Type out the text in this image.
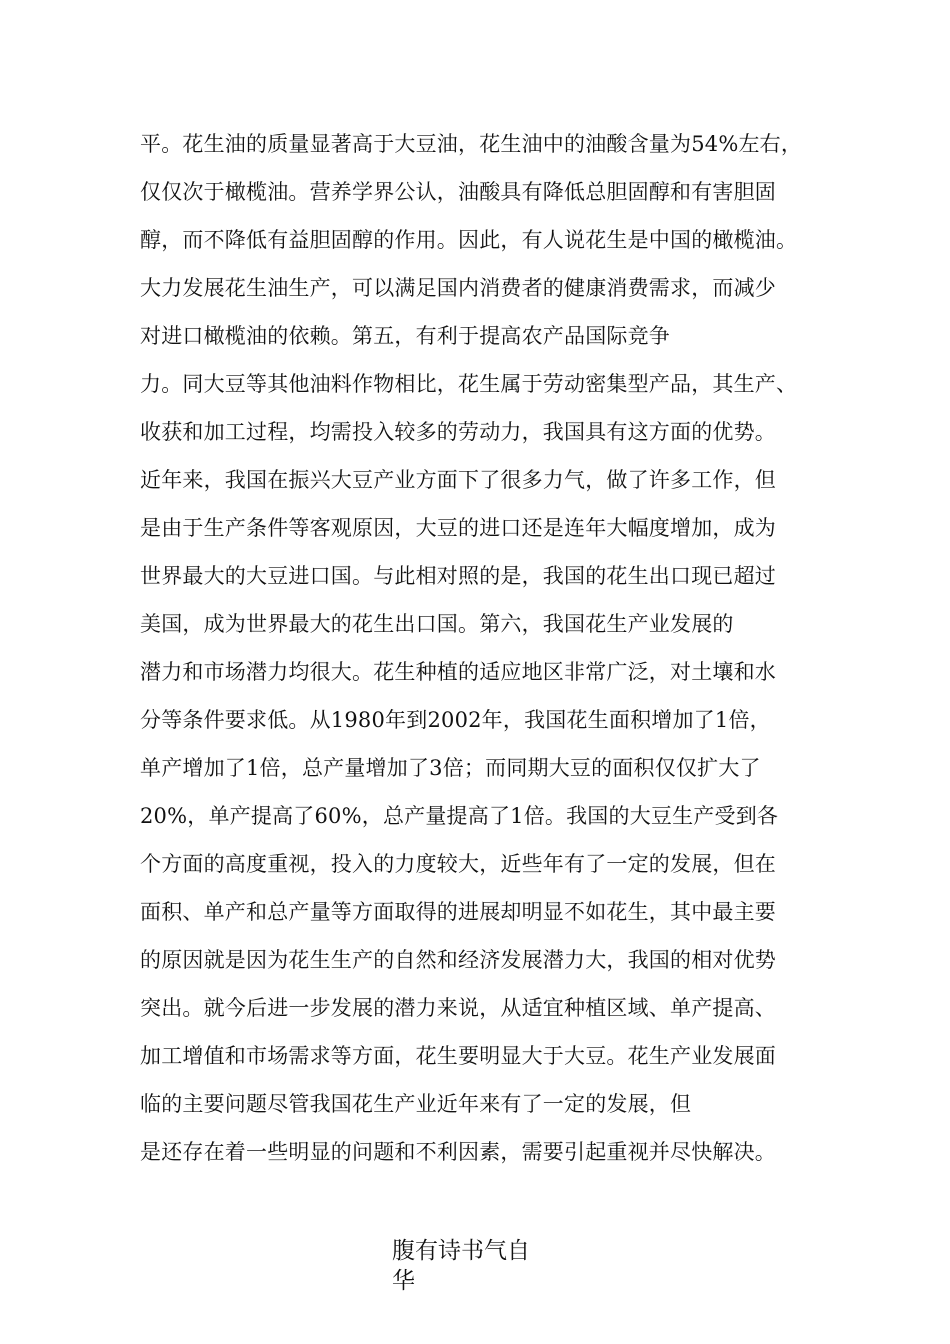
平。花生油的质量显著高于大豆油，花生油中的油酸含量为54%左右，
仅仅次于橄榄油。营养学界公认，油酸具有降低总胆固醇和有害胆固
醇，而不降低有益胆固醇的作用。因此，有人说花生是中国的橄榄油。
大力发展花生油生产，可以满足国内消费者的健康消费需求，而减少
对进口橄榄油的依赖。第五，有利于提高农产品国际竞争
力。同大豆等其他油料作物相比，花生属于劳动密集型产品，其生产、
收获和加工过程，均需投入较多的劳动力，我国具有这方面的优势。
近年来，我国在振兴大豆产业方面下了很多力气，做了许多工作，但
是由于生产条件等客观原因，大豆的进口还是连年大幅度增加，成为
世界最大的大豆进口国。与此相对照的是，我国的花生出口现已超过
美国，成为世界最大的花生出口国。第六，我国花生产业发展的
潜力和市场潜力均很大。花生种植的适应地区非常广泛，对土壤和水
分等条件要求低。从1980年到2002年，我国花生面积增加了1倍，
单产增加了1倍，总产量增加了3倍；而同期大豆的面积仅仅扩大了
20%，单产提高了60%，总产量提高了1倍。我国的大豆生产受到各
个方面的高度重视，投入的力度较大，近些年有了一定的发展，但在
面积、单产和总产量等方面取得的进展却明显不如花生，其中最主要
的原因就是因为花生生产的自然和经济发展潜力大，我国的相对优势
突出。就今后进一步发展的潜力来说，从适宜种植区域、单产提高、
加工增值和市场需求等方面，花生要明显大于大豆。花生产业发展面
临的主要问题尽管我国花生产业近年来有了一定的发展，但
是还存在着一些明显的问题和不利因素，需要引起重视并尽快解决。
腹有诗书气自
华
